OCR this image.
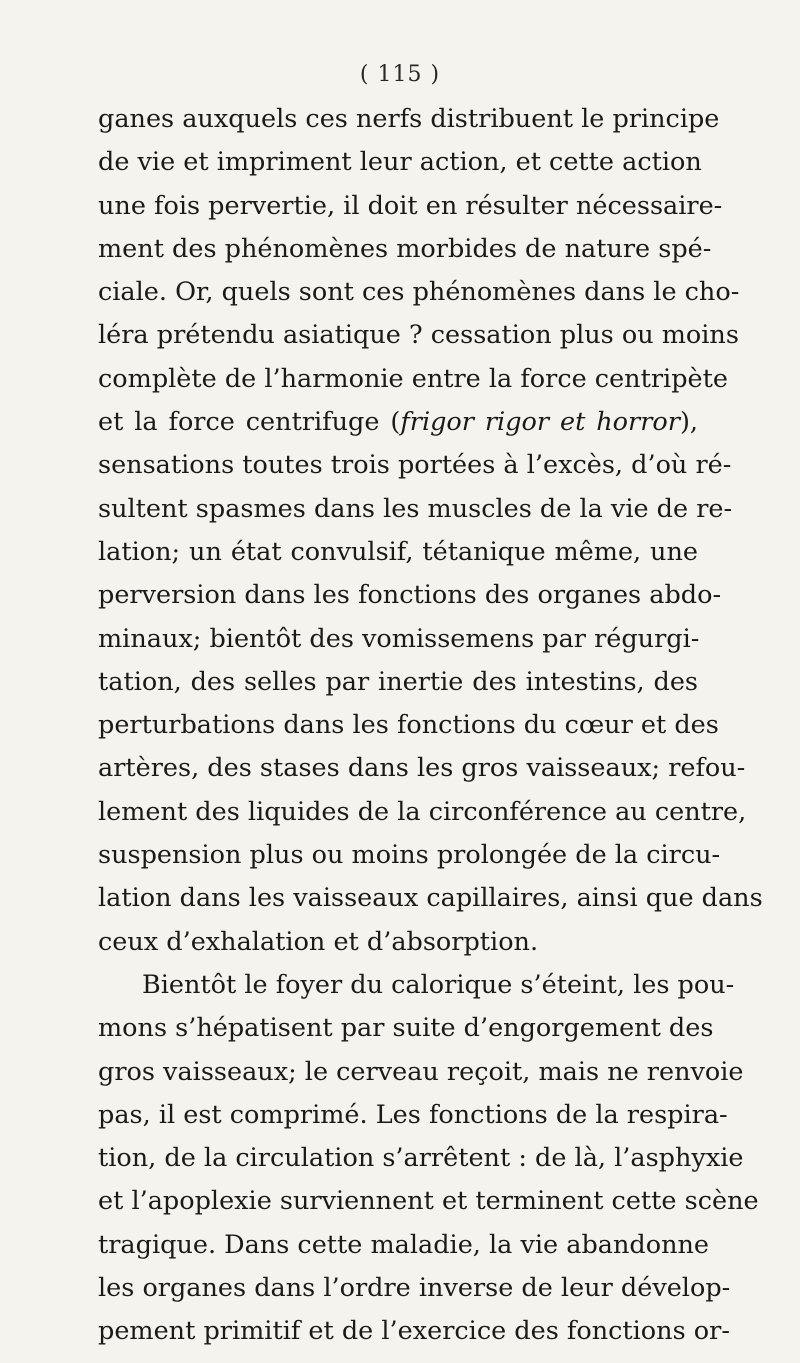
( 115 )
ganes auxquels ces nerfs distribuent le principe
de vie et impriment leur action, et cette action
une fois pervertie, il doit en résulter nécessaire-
ment des phénomènes morbides de nature spé-
ciale. Or, quels sont ces phénomènes dans le cho-
léra prétendu asiatique ? cessation plus ou moins
complète de l’harmonie entre la force centripète
et la force centrifuge (frigor rigor et horror),
sensations toutes trois portées à l’excès, d’où ré-
sultent spasmes dans les muscles de la vie de re-
lation; un état convulsif, tétanique même, une
perversion dans les fonctions des organes abdo-
minaux; bientôt des vomissemens par régurgi-
tation, des selles par inertie des intestins, des
perturbations dans les fonctions du cœur et des
artères, des stases dans les gros vaisseaux; refou-
lement des liquides de la circonférence au centre,
suspension plus ou moins prolongée de la circu-
lation dans les vaisseaux capillaires, ainsi que dans
ceux d’exhalation et d’absorption.
Bientôt le foyer du calorique s’éteint, les pou-
mons s’hépatisent par suite d’engorgement des
gros vaisseaux; le cerveau reçoit, mais ne renvoie
pas, il est comprimé. Les fonctions de la respira-
tion, de la circulation s’arrêtent : de là, l’asphyxie
et l’apoplexie surviennent et terminent cette scène
tragique. Dans cette maladie, la vie abandonne
les organes dans l’ordre inverse de leur dévelop-
pement primitif et de l’exercice des fonctions or-
